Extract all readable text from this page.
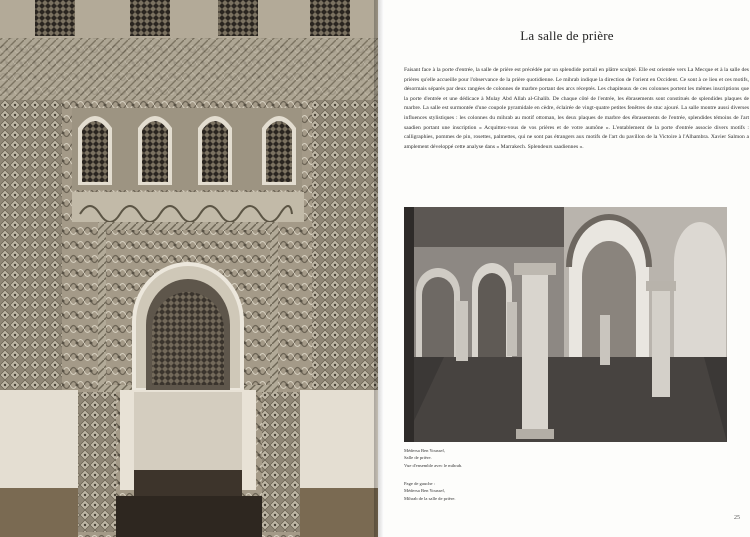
La salle de prière
Faisant face à la porte d'entrée, la salle de prière est précédée par un splendide portail en plâtre sculpté. Elle est orientée vers La Mecque et à la salle des prières qu'elle accueille pour l'observance de la prière quotidienne. Le mihrab indique la direction de l'orient en Occident. Ce sont à ce lieu et ces motifs, désormais séparés par deux rangées de colonnes de marbre portant des arcs réceptés. Les chapiteaux de ces colonnes portent les mêmes inscriptions que la porte d'entrée et une dédicace à Mulay Abd Allah al-Ghalib. De chaque côté de l'entrée, les ébrasements sont constitués de splendides plaques de marbre. La salle est surmontée d'une coupole pyramidale en cèdre, éclairée de vingt-quatre petites fenêtres de stuc ajouré. La salle montre aussi diverses influences stylistiques : les colonnes du mihrab au motif ottoman, les deux plaques de marbre des ébrasements de l'entrée, splendides témoins de l'art saadien portant une inscription « Acquittez-vous de vos prières et de votre aumône ». L'entablement de la porte d'entrée associe divers motifs : calligraphies, pommes de pin, rosettes, palmettes, qui ne sont pas étrangers aux motifs de l'art du pavillon de la Victoire à l'Alhambra. Xavier Salmon a amplement développé cette analyse dans « Marrakech. Splendeurs saadiennes ».
Médersa Ben Youssef,
Salle de prière.
Vue d'ensemble avec le mihrab.
Page de gauche :
Médersa Ben Youssef,
Mihrab de la salle de prière.
25
